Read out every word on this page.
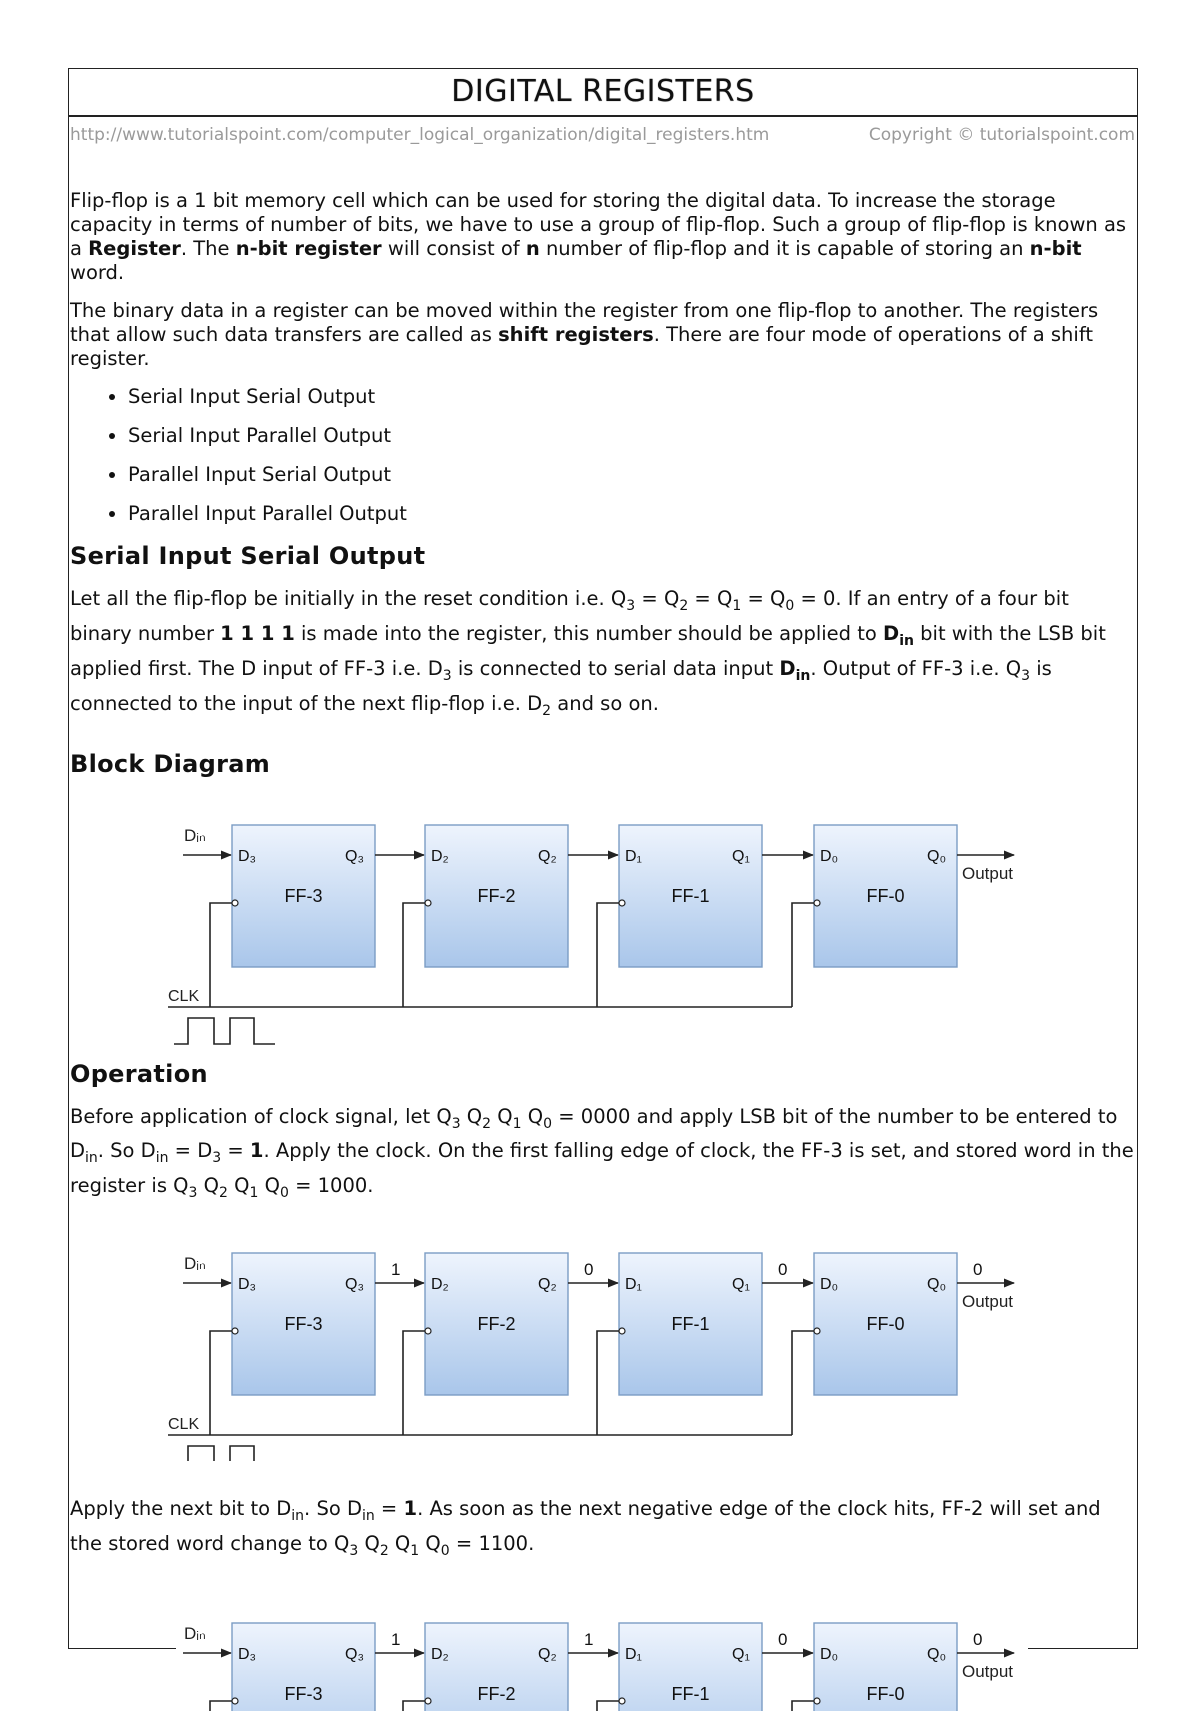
DIGITAL REGISTERS
http://www.tutorialspoint.com/computer_logical_organization/digital_registers.htm	Copyright © tutorialspoint.com

Flip-flop is a 1 bit memory cell which can be used for storing the digital data. To increase the storage capacity in terms of number of bits, we have to use a group of flip-flop. Such a group of flip-flop is known as a Register. The n-bit register will consist of n number of flip-flop and it is capable of storing an n-bit word.

The binary data in a register can be moved within the register from one flip-flop to another. The registers that allow such data transfers are called as shift registers. There are four mode of operations of a shift register.

• Serial Input Serial Output
• Serial Input Parallel Output
• Parallel Input Serial Output
• Parallel Input Parallel Output
Serial Input Serial Output

Let all the flip-flop be initially in the reset condition i.e. $Q_3 = Q_2 = Q_1 = Q_0 = 0$. If an entry of a four bit binary number 1 1 1 1 is made into the register, this number should be applied to $D_{in}$ bit with the LSB bit applied first. The D input of FF-3 i.e. $D_3$ is connected to serial data input $D_{in}$. Output of FF-3 i.e. $Q_3$ is connected to the input of the next flip-flop i.e. $D_2$ and so on.

Block Diagram
Dᵢₙ
D₃	Q₃
FF-3
D₂	Q₂
FF-2
D₁	Q₁
FF-1
D₀	Q₀
FF-0
Output
CLK
Operation

Before application of clock signal, let $Q_3$ $Q_2$ $Q_1$ $Q_0 = 0000$ and apply LSB bit of the number to be entered to $D_{in}$. So $D_{in} = D_3 = 1$. Apply the clock. On the first falling edge of clock, the FF-3 is set, and stored word in the register is $Q_3$ $Q_2$ $Q_1$ $Q_0 = 1000$.

Dᵢₙ
D₃	Q₃
FF-3
1
D₂	Q₂
FF-2
0
D₁	Q₁
FF-1
0
D₀	Q₀
FF-0
0
Output
CLK

Apply the next bit to $D_{in}$. So $D_{in} = 1$. As soon as the next negative edge of the clock hits, FF-2 will set and the stored word change to $Q_3$ $Q_2$ $Q_1$ $Q_0 = 1100$.

Dᵢₙ
D₃	Q₃
FF-3
1
D₂	Q₂
FF-2
1
D₁	Q₁
FF-1
0
D₀	Q₀
FF-0
0
Output
